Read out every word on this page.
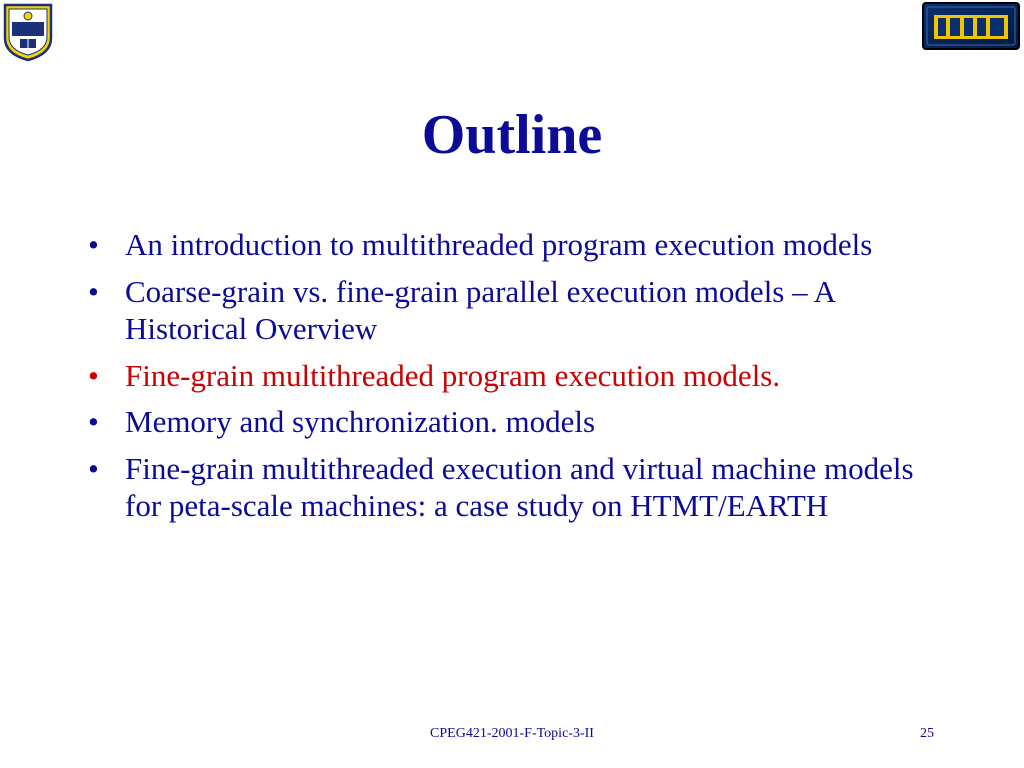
Outline
• An introduction to multithreaded program execution models
• Coarse-grain vs. fine-grain parallel execution models – A Historical Overview
• Fine-grain multithreaded program execution models.
• Memory and synchronization. models
• Fine-grain multithreaded execution and virtual machine models for peta-scale machines: a case study on HTMT/EARTH
CPEG421-2001-F-Topic-3-II	25
